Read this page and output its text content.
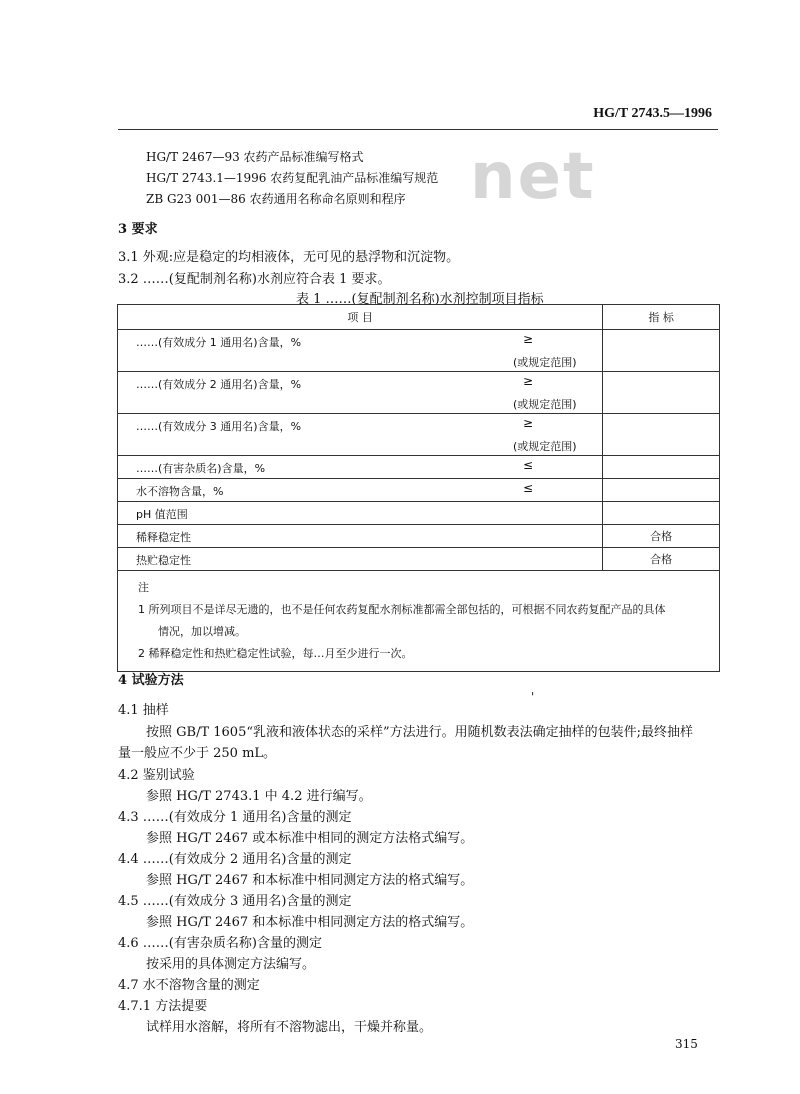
HG/T 2743.5—1996
net
HG/T 2467—93 农药产品标准编写格式
HG/T 2743.1—1996 农药复配乳油产品标准编写规范
ZB G23 001—86 农药通用名称命名原则和程序
3 要求
3.1 外观:应是稳定的均相液体，无可见的悬浮物和沉淀物。
3.2 ……(复配制剂名称)水剂应符合表 1 要求。
表 1 ……(复配制剂名称)水剂控制项目指标
项 目	指 标

……(有效成分 1 通用名)含量，% ≥
(或规定范围)	

……(有效成分 2 通用名)含量，% ≥
(或规定范围)	

……(有效成分 3 通用名)含量，% ≥
(或规定范围)	

……(有害杂质名)含量，% ≤	

水不溶物含量，% ≤	

pH 值范围	

稀释稳定性	合格

热贮稳定性	合格

注
1 所列项目不是详尽无遗的，也不是任何农药复配水剂标准都需全部包括的，可根据不同农药复配产品的具体
情况，加以增减。
2 稀释稳定性和热贮稳定性试验，每…月至少进行一次。	
4 试验方法
'
4.1 抽样
按照 GB/T 1605“乳液和液体状态的采样”方法进行。用随机数表法确定抽样的包装件;最终抽样
量一般应不少于 250 mL。
4.2 鉴别试验
参照 HG/T 2743.1 中 4.2 进行编写。
4.3 ……(有效成分 1 通用名)含量的测定
参照 HG/T 2467 或本标准中相同的测定方法格式编写。
4.4 ……(有效成分 2 通用名)含量的测定
参照 HG/T 2467 和本标准中相同测定方法的格式编写。
4.5 ……(有效成分 3 通用名)含量的测定
参照 HG/T 2467 和本标准中相同测定方法的格式编写。
4.6 ……(有害杂质名称)含量的测定
按采用的具体测定方法编写。
4.7 水不溶物含量的测定
4.7.1 方法提要
试样用水溶解，将所有不溶物滤出，干燥并称量。
315
